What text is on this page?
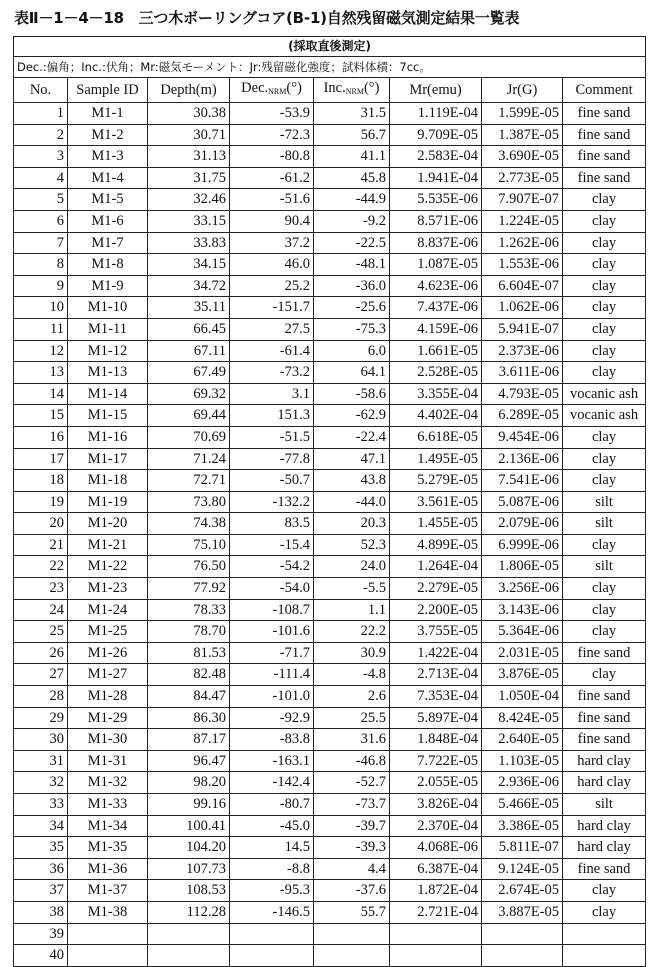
表Ⅱ－1－4－18　三つ木ボーリングコア(B-1)自然残留磁気測定結果一覧表
(採取直後測定)							
Dec.:偏角；Inc.:伏角；Mr:磁気モーメント：Jr:残留磁化強度；試料体積：7cc。							
No.	Sample ID	Depth(m)	$Dec._{NRM}(^\circ)$	$Inc._{NRM}(^\circ)$	Mr(emu)	Jr(G)	Comment
1	M1-1	30.38	-53.9	31.5	1.119E-04	1.599E-05	fine sand
2	M1-2	30.71	-72.3	56.7	9.709E-05	1.387E-05	fine sand
3	M1-3	31.13	-80.8	41.1	2.583E-04	3.690E-05	fine sand
4	M1-4	31.75	-61.2	45.8	1.941E-04	2.773E-05	fine sand
5	M1-5	32.46	-51.6	-44.9	5.535E-06	7.907E-07	clay
6	M1-6	33.15	90.4	-9.2	8.571E-06	1.224E-05	clay
7	M1-7	33.83	37.2	-22.5	8.837E-06	1.262E-06	clay
8	M1-8	34.15	46.0	-48.1	1.087E-05	1.553E-06	clay
9	M1-9	34.72	25.2	-36.0	4.623E-06	6.604E-07	clay
10	M1-10	35.11	-151.7	-25.6	7.437E-06	1.062E-06	clay
11	M1-11	66.45	27.5	-75.3	4.159E-06	5.941E-07	clay
12	M1-12	67.11	-61.4	6.0	1.661E-05	2.373E-06	clay
13	M1-13	67.49	-73.2	64.1	2.528E-05	3.611E-06	clay
14	M1-14	69.32	3.1	-58.6	3.355E-04	4.793E-05	vocanic ash
15	M1-15	69.44	151.3	-62.9	4.402E-04	6.289E-05	vocanic ash
16	M1-16	70.69	-51.5	-22.4	6.618E-05	9.454E-06	clay
17	M1-17	71.24	-77.8	47.1	1.495E-05	2.136E-06	clay
18	M1-18	72.71	-50.7	43.8	5.279E-05	7.541E-06	clay
19	M1-19	73.80	-132.2	-44.0	3.561E-05	5.087E-06	silt
20	M1-20	74.38	83.5	20.3	1.455E-05	2.079E-06	silt
21	M1-21	75.10	-15.4	52.3	4.899E-05	6.999E-06	clay
22	M1-22	76.50	-54.2	24.0	1.264E-04	1.806E-05	silt
23	M1-23	77.92	-54.0	-5.5	2.279E-05	3.256E-06	clay
24	M1-24	78.33	-108.7	1.1	2.200E-05	3.143E-06	clay
25	M1-25	78.70	-101.6	22.2	3.755E-05	5.364E-06	clay
26	M1-26	81.53	-71.7	30.9	1.422E-04	2.031E-05	fine sand
27	M1-27	82.48	-111.4	-4.8	2.713E-04	3.876E-05	clay
28	M1-28	84.47	-101.0	2.6	7.353E-04	1.050E-04	fine sand
29	M1-29	86.30	-92.9	25.5	5.897E-04	8.424E-05	fine sand
30	M1-30	87.17	-83.8	31.6	1.848E-04	2.640E-05	fine sand
31	M1-31	96.47	-163.1	-46.8	7.722E-05	1.103E-05	hard clay
32	M1-32	98.20	-142.4	-52.7	2.055E-05	2.936E-06	hard clay
33	M1-33	99.16	-80.7	-73.7	3.826E-04	5.466E-05	silt
34	M1-34	100.41	-45.0	-39.7	2.370E-04	3.386E-05	hard clay
35	M1-35	104.20	14.5	-39.3	4.068E-06	5.811E-07	hard clay
36	M1-36	107.73	-8.8	4.4	6.387E-04	9.124E-05	fine sand
37	M1-37	108.53	-95.3	-37.6	1.872E-04	2.674E-05	clay
38	M1-38	112.28	-146.5	55.7	2.721E-04	3.887E-05	clay
39							
40							
